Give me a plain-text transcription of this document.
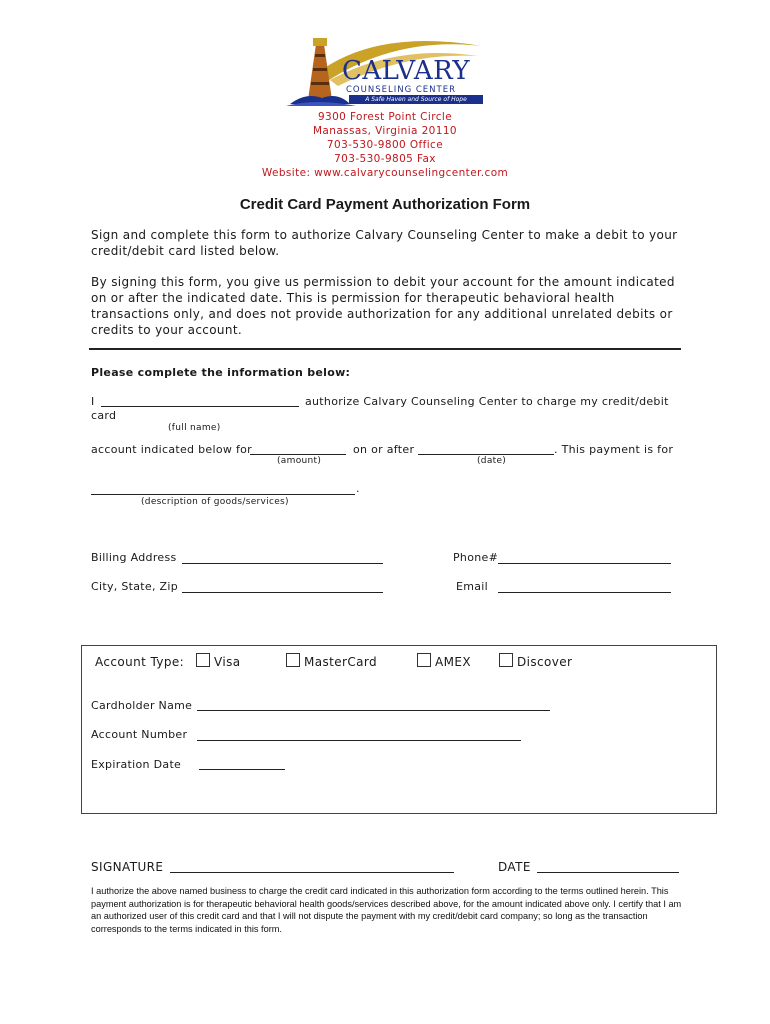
CALVARY
COUNSELING CENTER
A Safe Haven and Source of Hope
9300 Forest Point Circle
Manassas, Virginia 20110
703-530-9800 Office
703-530-9805 Fax
Website: www.calvarycounselingcenter.com
Credit Card Payment Authorization Form
Sign and complete this form to authorize Calvary Counseling Center to make a debit to your credit/debit card listed below.
By signing this form, you give us permission to debit your account for the amount indicated on or after the indicated date. This is permission for therapeutic behavioral health transactions only, and does not provide authorization for any additional unrelated debits or credits to your account.
Please complete the information below:
I	authorize Calvary Counseling Center to charge my credit/debit
card
(full name)
account indicated below for	on or after	. This payment is for
(amount)	(date)
.
(description of goods/services)
Billing Address	Phone#
City, State, Zip	Email
Account Type: Visa	MasterCard	AMEX	Discover
Cardholder Name
Account Number
Expiration Date
SIGNATURE	DATE
I authorize the above named business to charge the credit card indicated in this authorization form according to the terms outlined herein. This payment authorization is for therapeutic behavioral health goods/services described above, for the amount indicated above only. I certify that I am an authorized user of this credit card and that I will not dispute the payment with my credit/debit card company; so long as the transaction corresponds to the terms indicated in this form.
